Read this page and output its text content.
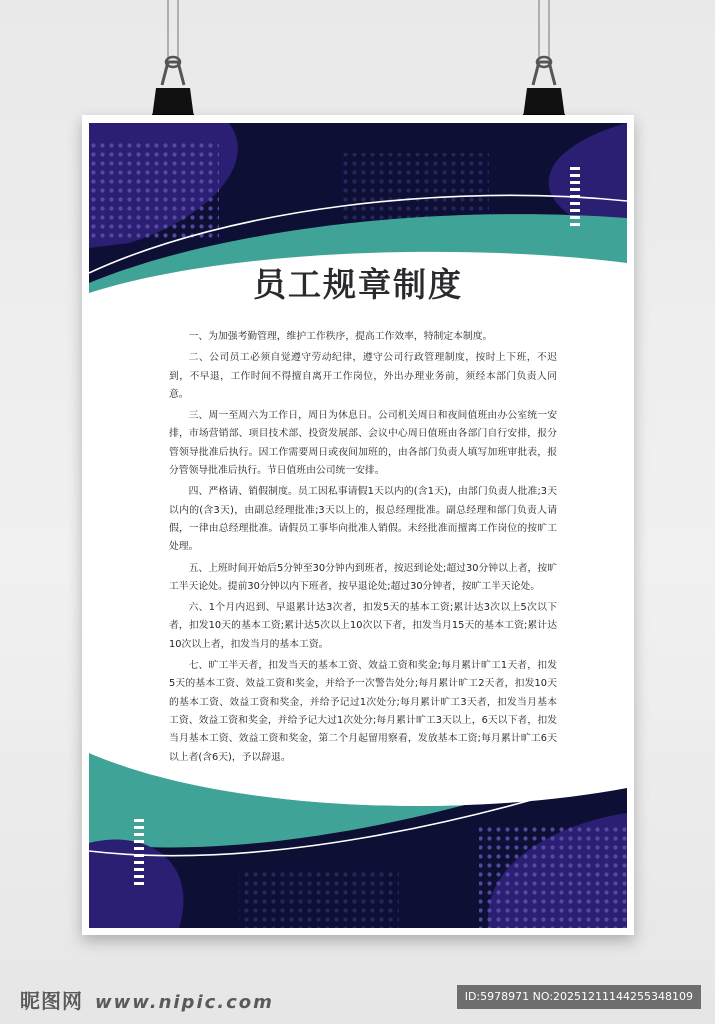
员工规章制度

一、为加强考勤管理，维护工作秩序，提高工作效率，特制定本制度。

二、公司员工必须自觉遵守劳动纪律，遵守公司行政管理制度，按时上下班，不迟到，不早退，工作时间不得擅自离开工作岗位，外出办理业务前，须经本部门负责人同意。

三、周一至周六为工作日，周日为休息日。公司机关周日和夜间值班由办公室统一安排，市场营销部、项目技术部、投资发展部、会议中心周日值班由各部门自行安排，报分管领导批准后执行。因工作需要周日或夜间加班的，由各部门负责人填写加班审批表，报分管领导批准后执行。节日值班由公司统一安排。

四、严格请、销假制度。员工因私事请假1天以内的(含1天)，由部门负责人批准;3天以内的(含3天)，由副总经理批准;3天以上的，报总经理批准。副总经理和部门负责人请假，一律由总经理批准。请假员工事毕向批准人销假。未经批准而擅离工作岗位的按旷工处理。

五、上班时间开始后5分钟至30分钟内到班者，按迟到论处;超过30分钟以上者，按旷工半天论处。提前30分钟以内下班者，按早退论处;超过30分钟者，按旷工半天论处。

六、1个月内迟到、早退累计达3次者，扣发5天的基本工资;累计达3次以上5次以下者，扣发10天的基本工资;累计达5次以上10次以下者，扣发当月15天的基本工资;累计达10次以上者，扣发当月的基本工资。

七、旷工半天者，扣发当天的基本工资、效益工资和奖金;每月累计旷工1天者，扣发5天的基本工资、效益工资和奖金，并给予一次警告处分;每月累计旷工2天者，扣发10天的基本工资、效益工资和奖金，并给予记过1次处分;每月累计旷工3天者，扣发当月基本工资、效益工资和奖金，并给予记大过1次处分;每月累计旷工3天以上，6天以下者，扣发当月基本工资、效益工资和奖金，第二个月起留用察看，发放基本工资;每月累计旷工6天以上者(含6天)，予以辞退。

昵图网 www.nipic.com	ID:5978971 NO:20251211144255348109
